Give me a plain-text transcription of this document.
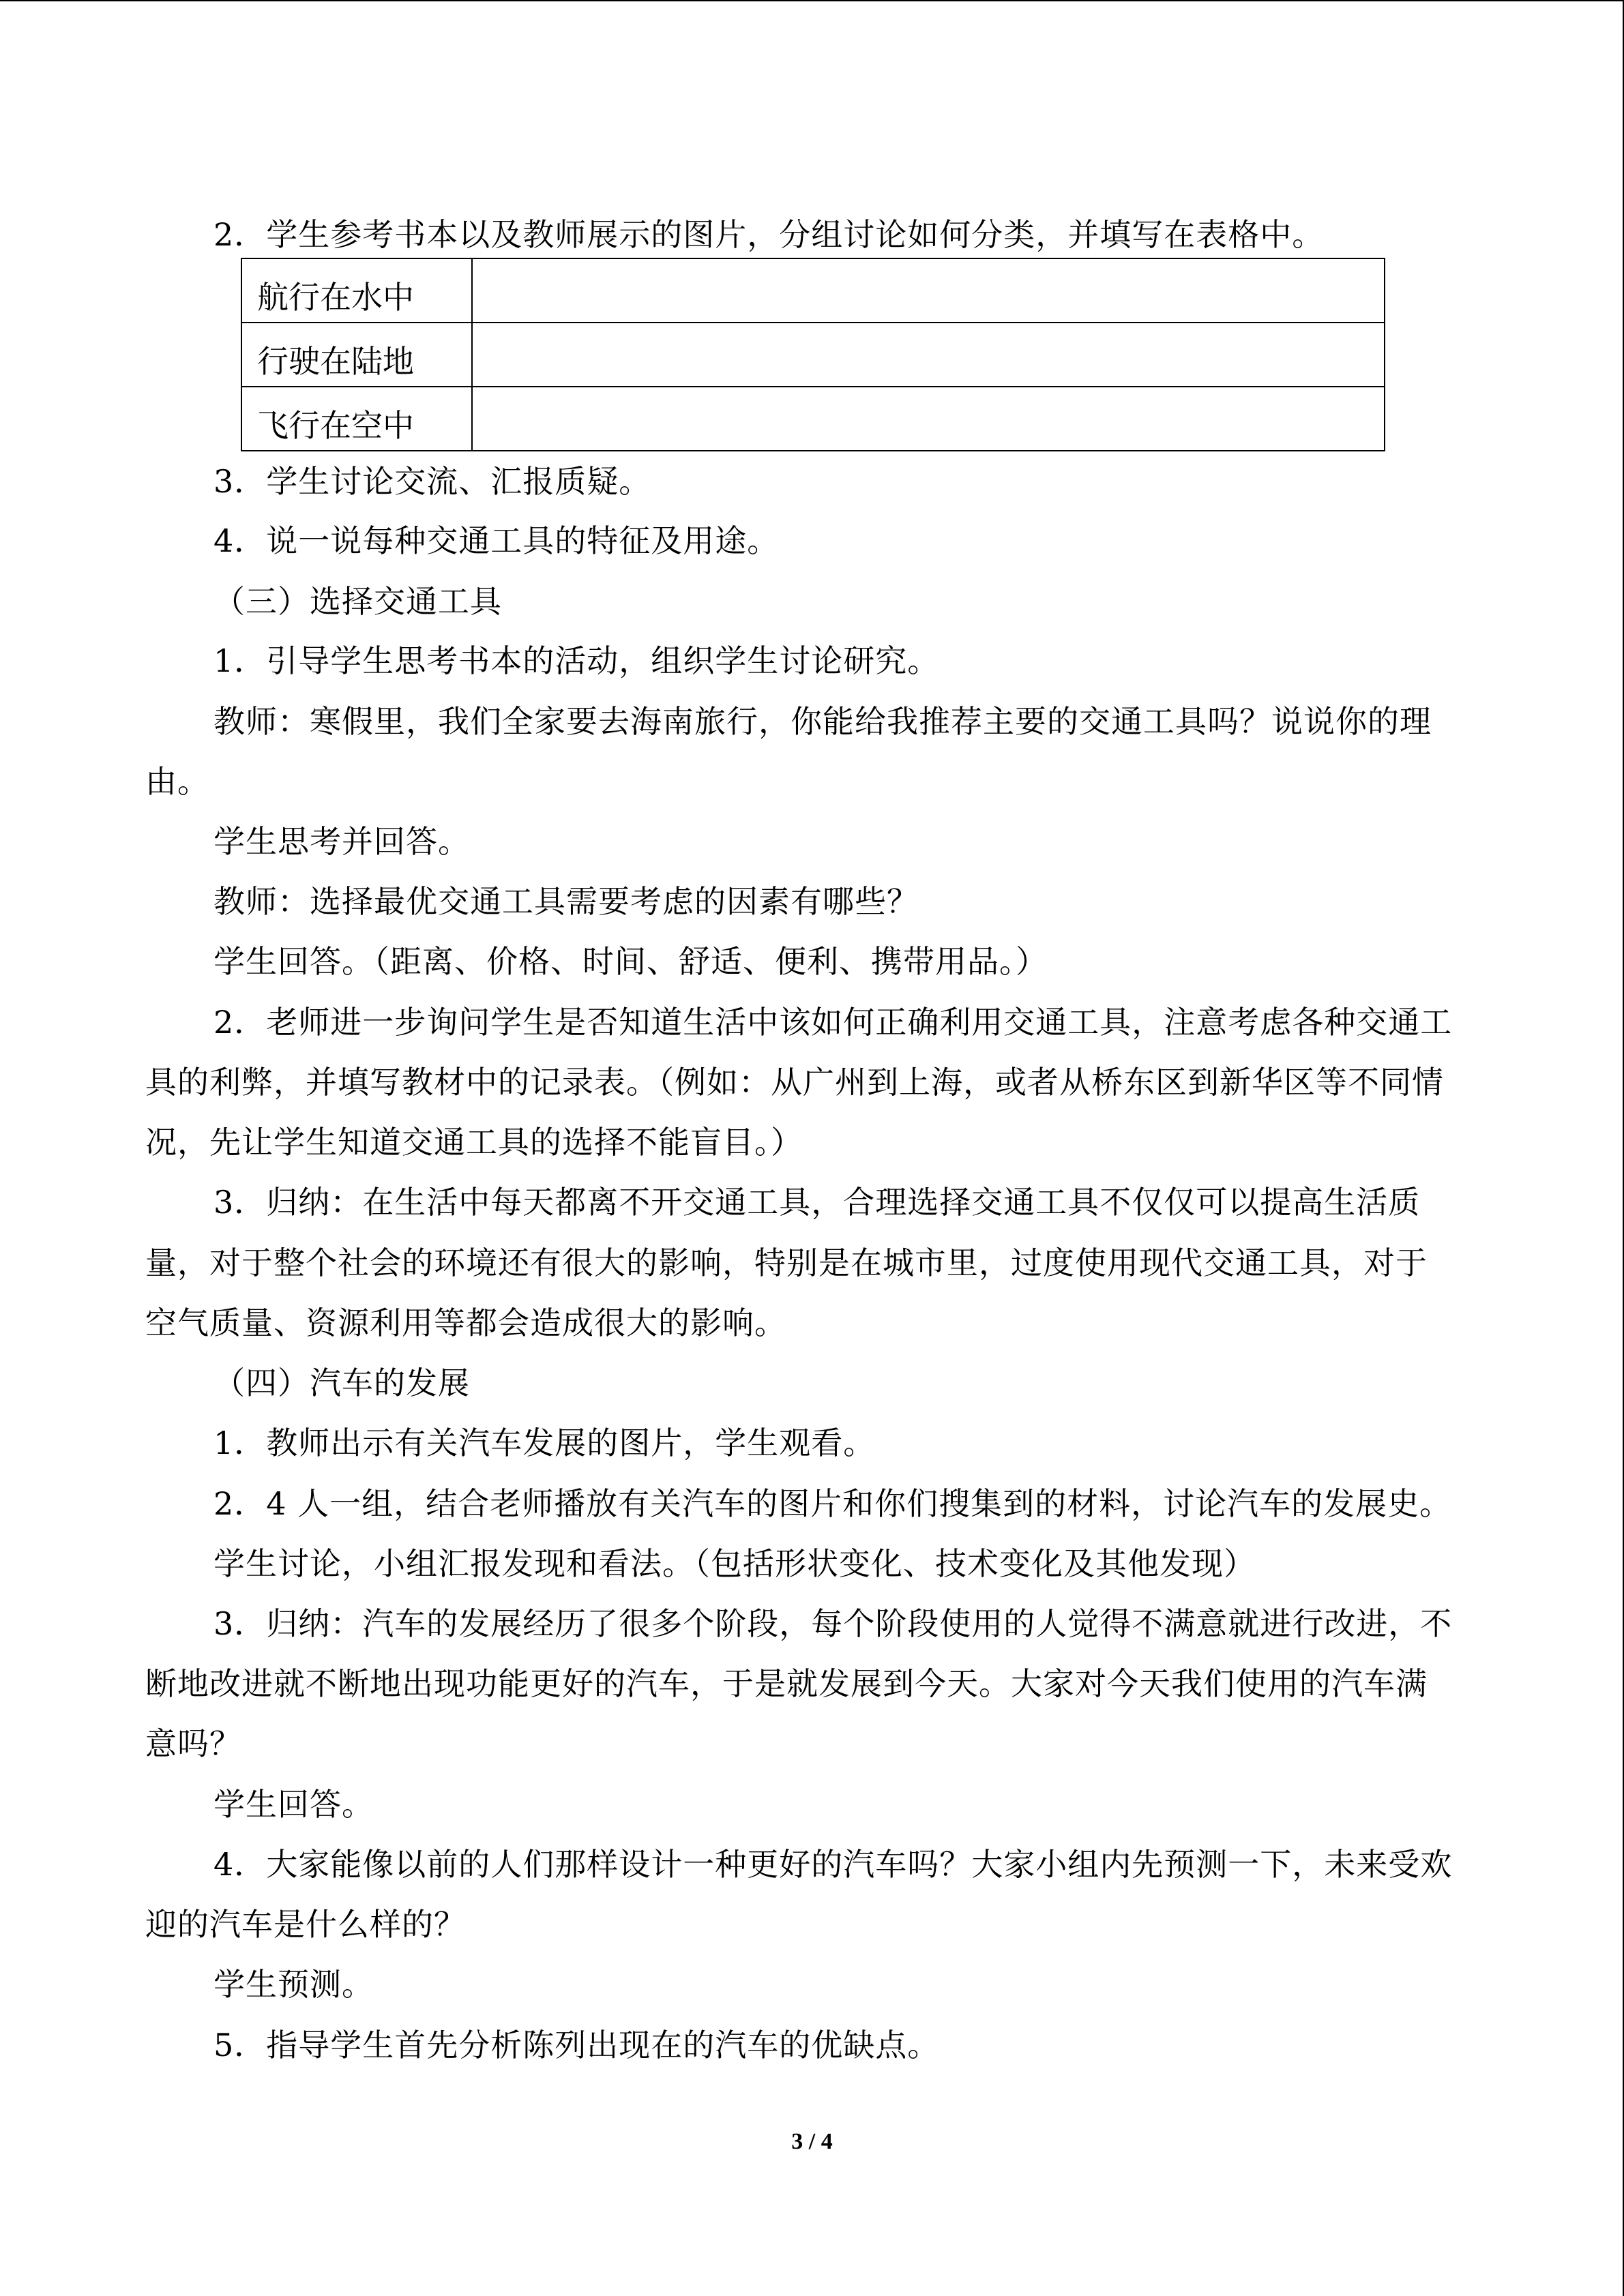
2．学生参考书本以及教师展示的图片，分组讨论如何分类，并填写在表格中。
航行在水中	
行驶在陆地	
飞行在空中	
3．学生讨论交流、汇报质疑。
4．说一说每种交通工具的特征及用途。
（三）选择交通工具
1．引导学生思考书本的活动，组织学生讨论研究。
教师：寒假里，我们全家要去海南旅行，你能给我推荐主要的交通工具吗？说说你的理
由。
学生思考并回答。
教师：选择最优交通工具需要考虑的因素有哪些？
学生回答。（距离、价格、时间、舒适、便利、携带用品。）
2．老师进一步询问学生是否知道生活中该如何正确利用交通工具，注意考虑各种交通工
具的利弊，并填写教材中的记录表。（例如：从广州到上海，或者从桥东区到新华区等不同情
况，先让学生知道交通工具的选择不能盲目。）
3．归纳：在生活中每天都离不开交通工具，合理选择交通工具不仅仅可以提高生活质
量，对于整个社会的环境还有很大的影响，特别是在城市里，过度使用现代交通工具，对于
空气质量、资源利用等都会造成很大的影响。
（四）汽车的发展
1．教师出示有关汽车发展的图片，学生观看。
2．4 人一组，结合老师播放有关汽车的图片和你们搜集到的材料，讨论汽车的发展史。
学生讨论，小组汇报发现和看法。（包括形状变化、技术变化及其他发现）
3．归纳：汽车的发展经历了很多个阶段，每个阶段使用的人觉得不满意就进行改进，不
断地改进就不断地出现功能更好的汽车，于是就发展到今天。大家对今天我们使用的汽车满
意吗？
学生回答。
4．大家能像以前的人们那样设计一种更好的汽车吗？大家小组内先预测一下，未来受欢
迎的汽车是什么样的？
学生预测。
5．指导学生首先分析陈列出现在的汽车的优缺点。
3 / 4
